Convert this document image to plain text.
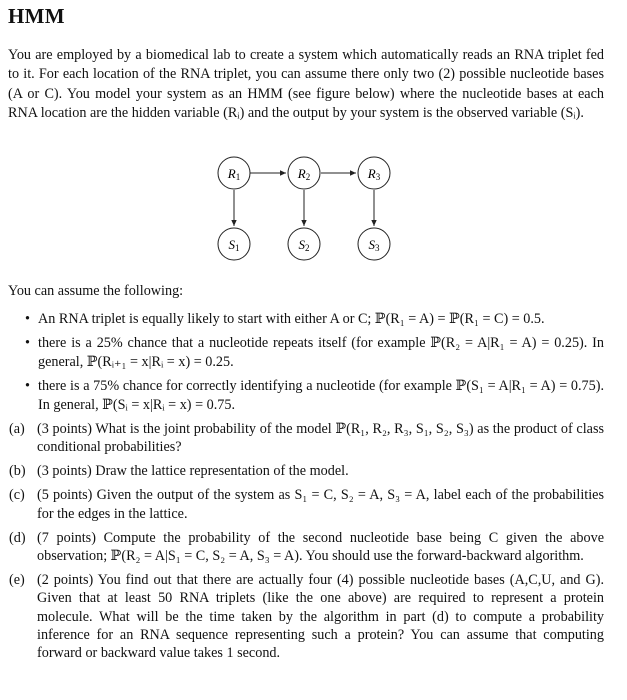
HMM
You are employed by a biomedical lab to create a system which automatically reads an RNA triplet fed to it. For each location of the RNA triplet, you can assume there only two (2) possible nucleotide bases (A or C). You model your system as an HMM (see figure below) where the nucleotide bases at each RNA location are the hidden variable (Rᵢ) and the output by your system is the observed variable (Sᵢ).
R1	R2	R3
S1	S2	S3
You can assume the following:
• An RNA triplet is equally likely to start with either A or C; ℙ(R₁ = A) = ℙ(R₁ = C) = 0.5.
• there is a 25% chance that a nucleotide repeats itself (for example ℙ(R₂ = A|R₁ = A) = 0.25). In general, ℙ(Rᵢ₊₁ = x|Rᵢ = x) = 0.25.
• there is a 75% chance for correctly identifying a nucleotide (for example ℙ(S₁ = A|R₁ = A) = 0.75). In general, ℙ(Sᵢ = x|Rᵢ = x) = 0.75.
(a) (3 points) What is the joint probability of the model ℙ(R₁, R₂, R₃, S₁, S₂, S₃) as the product of class conditional probabilities?
(b) (3 points) Draw the lattice representation of the model.
(c) (5 points) Given the output of the system as S₁ = C, S₂ = A, S₃ = A, label each of the probabilities for the edges in the lattice.
(d) (7 points) Compute the probability of the second nucleotide base being C given the above observation; ℙ(R₂ = A|S₁ = C, S₂ = A, S₃ = A). You should use the forward-backward algorithm.
(e) (2 points) You find out that there are actually four (4) possible nucleotide bases (A,C,U, and G). Given that at least 50 RNA triplets (like the one above) are required to represent a protein molecule. What will be the time taken by the algorithm in part (d) to compute a probability inference for an RNA sequence representing such a protein? You can assume that computing forward or backward value takes 1 second.
